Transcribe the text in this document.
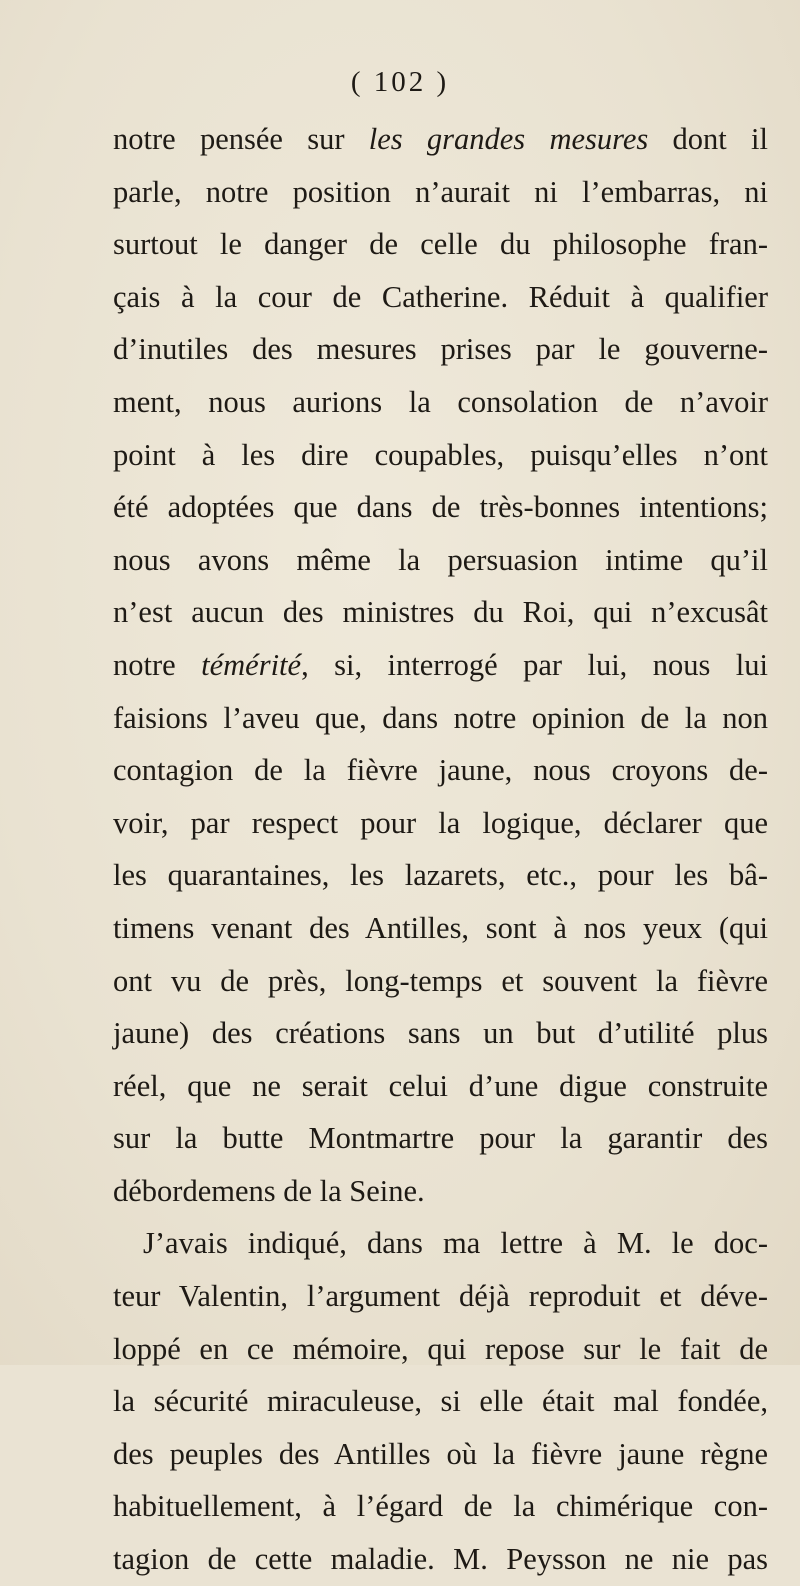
( 102 )
notre pensée sur les grandes mesures dont il
parle, notre position n’aurait ni l’embarras, ni
surtout le danger de celle du philosophe fran-
çais à la cour de Catherine. Réduit à qualifier
d’inutiles des mesures prises par le gouverne-
ment, nous aurions la consolation de n’avoir
point à les dire coupables, puisqu’elles n’ont
été adoptées que dans de très-bonnes intentions;
nous avons même la persuasion intime qu’il
n’est aucun des ministres du Roi, qui n’excusât
notre témérité, si, interrogé par lui, nous lui
faisions l’aveu que, dans notre opinion de la non
contagion de la fièvre jaune, nous croyons de-
voir, par respect pour la logique, déclarer que
les quarantaines, les lazarets, etc., pour les bâ-
timens venant des Antilles, sont à nos yeux (qui
ont vu de près, long-temps et souvent la fièvre
jaune) des créations sans un but d’utilité plus
réel, que ne serait celui d’une digue construite
sur la butte Montmartre pour la garantir des
débordemens de la Seine.
J’avais indiqué, dans ma lettre à M. le doc-
teur Valentin, l’argument déjà reproduit et déve-
loppé en ce mémoire, qui repose sur le fait de
la sécurité miraculeuse, si elle était mal fondée,
des peuples des Antilles où la fièvre jaune règne
habituellement, à l’égard de la chimérique con-
tagion de cette maladie. M. Peysson ne nie pas
